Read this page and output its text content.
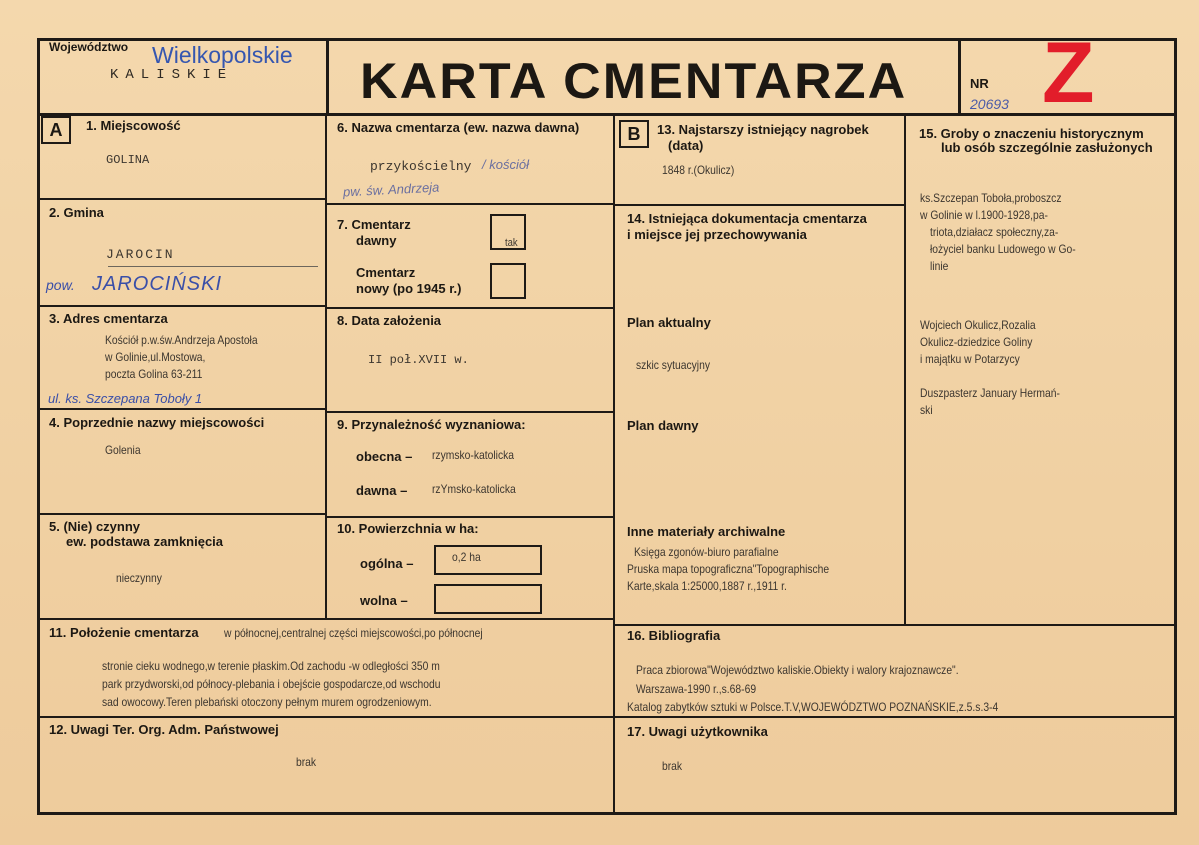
Województwo Wielkopolskie
KALISKIE	KARTA CMENTARZA	NR
20693 Z
A	B
1. Miejscowość
GOLINA
2. Gmina
JAROCIN
pow. JAROCIŃSKI
3. Adres cmentarza
Kościół p.w.św.Andrzeja Apostoła
w Golinie,ul.Mostowa,
poczta Golina 63-211
ul. ks. Szczepana Toboły 1
4. Poprzednie nazwy miejscowości
Golenia
5. (Nie) czynny
ew. podstawa zamknięcia
nieczynny
6. Nazwa cmentarza (ew. nazwa dawna)
przykościelny / kościół
pw. św. Andrzeja
7. Cmentarz
dawny	tak
Cmentarz
nowy (po 1945 r.)
8. Data założenia
II poł.XVII w.
9. Przynależność wyznaniowa:
obecna – rzymsko-katolicka
dawna – rzYmsko-katolicka
10. Powierzchnia w ha:
ogólna –	o,2 ha
wolna –
11. Położenie cmentarza w północnej,centralnej części miejscowości,po północnej
stronie cieku wodnego,w terenie płaskim.Od zachodu -w odległości 350 m
park przydworski,od północy-plebania i obejście gospodarcze,od wschodu
sad owocowy.Teren plebański otoczony pełnym murem ogrodzeniowym.
12. Uwagi Ter. Org. Adm. Państwowej
brak
13. Najstarszy istniejący nagrobek
(data)
1848 r.(Okulicz)
14. Istniejąca dokumentacja cmentarza
i miejsce jej przechowywania
Plan aktualny
szkic sytuacyjny
Plan dawny
Inne materiały archiwalne
Księga zgonów-biuro parafialne
Pruska mapa topograficzna"Topographische
Karte,skala 1:25000,1887 r.,1911 r.
15. Groby o znaczeniu historycznym
lub osób szczególnie zasłużonych
ks.Szczepan Toboła,proboszcz
w Golinie w l.1900-1928,pa-
triota,działacz społeczny,za-
łożyciel banku Ludowego w Go-
linie
Wojciech Okulicz,Rozalia
Okulicz-dziedzice Goliny
i majątku w Potarzycy
Duszpasterz January Hermań-
ski
16. Bibliografia
Praca zbiorowa"Województwo kaliskie.Obiekty i walory krajoznawcze".
Warszawa-1990 r.,s.68-69
Katalog zabytków sztuki w Polsce.T.V,WOJEWÓDZTWO POZNAŃSKIE,z.5.s.3-4
17. Uwagi użytkownika
brak
